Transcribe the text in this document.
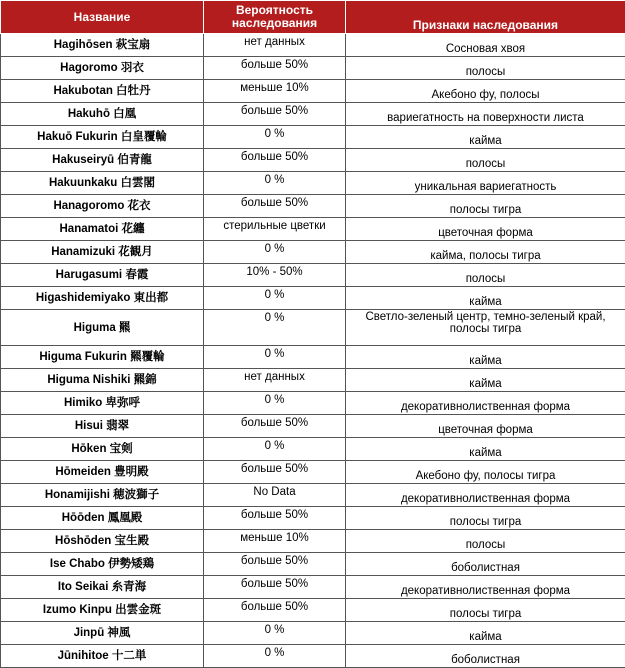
Название	Вероятность наследования	Признаки наследования
Hagihōsen 萩宝扇	нет данных	Сосновая хвоя
Hagoromo 羽衣	больше 50%	полосы
Hakubotan 白牡丹	меньше 10%	Акебоно фу, полосы
Hakuhō 白凰	больше 50%	вариегатность на поверхности листа
Hakuō Fukurin 白皇覆輪	0 %	кайма
Hakuseiryū 伯青龍	больше 50%	полосы
Hakuunkaku 白雲閣	0 %	уникальная вариегатность
Hanagoromo 花衣	больше 50%	полосы тигра
Hanamatoi 花纏	стерильные цветки	цветочная форма
Hanamizuki 花観月	0 %	кайма, полосы тигра
Harugasumi 春霞	10% - 50%	полосы
Higashidemiyako 東出都	0 %	кайма
Higuma 羆	0 %	Светло-зеленый центр, темно-зеленый край, полосы тигра
Higuma Fukurin 羆覆輪	0 %	кайма
Higuma Nishiki 羆錦	нет данных	кайма
Himiko 卑弥呼	0 %	декоративнолиственная форма
Hisui 翡翠	больше 50%	цветочная форма
Hōken 宝剣	0 %	кайма
Hōmeiden 豊明殿	больше 50%	Акебоно фу, полосы тигра
Honamijishi 穂波獅子	No Data	декоративнолиственная форма
Hōōden 鳳凰殿	больше 50%	полосы тигра
Hōshōden 宝生殿	меньше 10%	полосы
Ise Chabo 伊勢矮鶏	больше 50%	боболистная
Ito Seikai 糸青海	больше 50%	декоративнолиственная форма
Izumo Kinpu 出雲金斑	больше 50%	полосы тигра
Jinpū 神風	0 %	кайма
Jūnihitoe 十二単	0 %	боболистная
